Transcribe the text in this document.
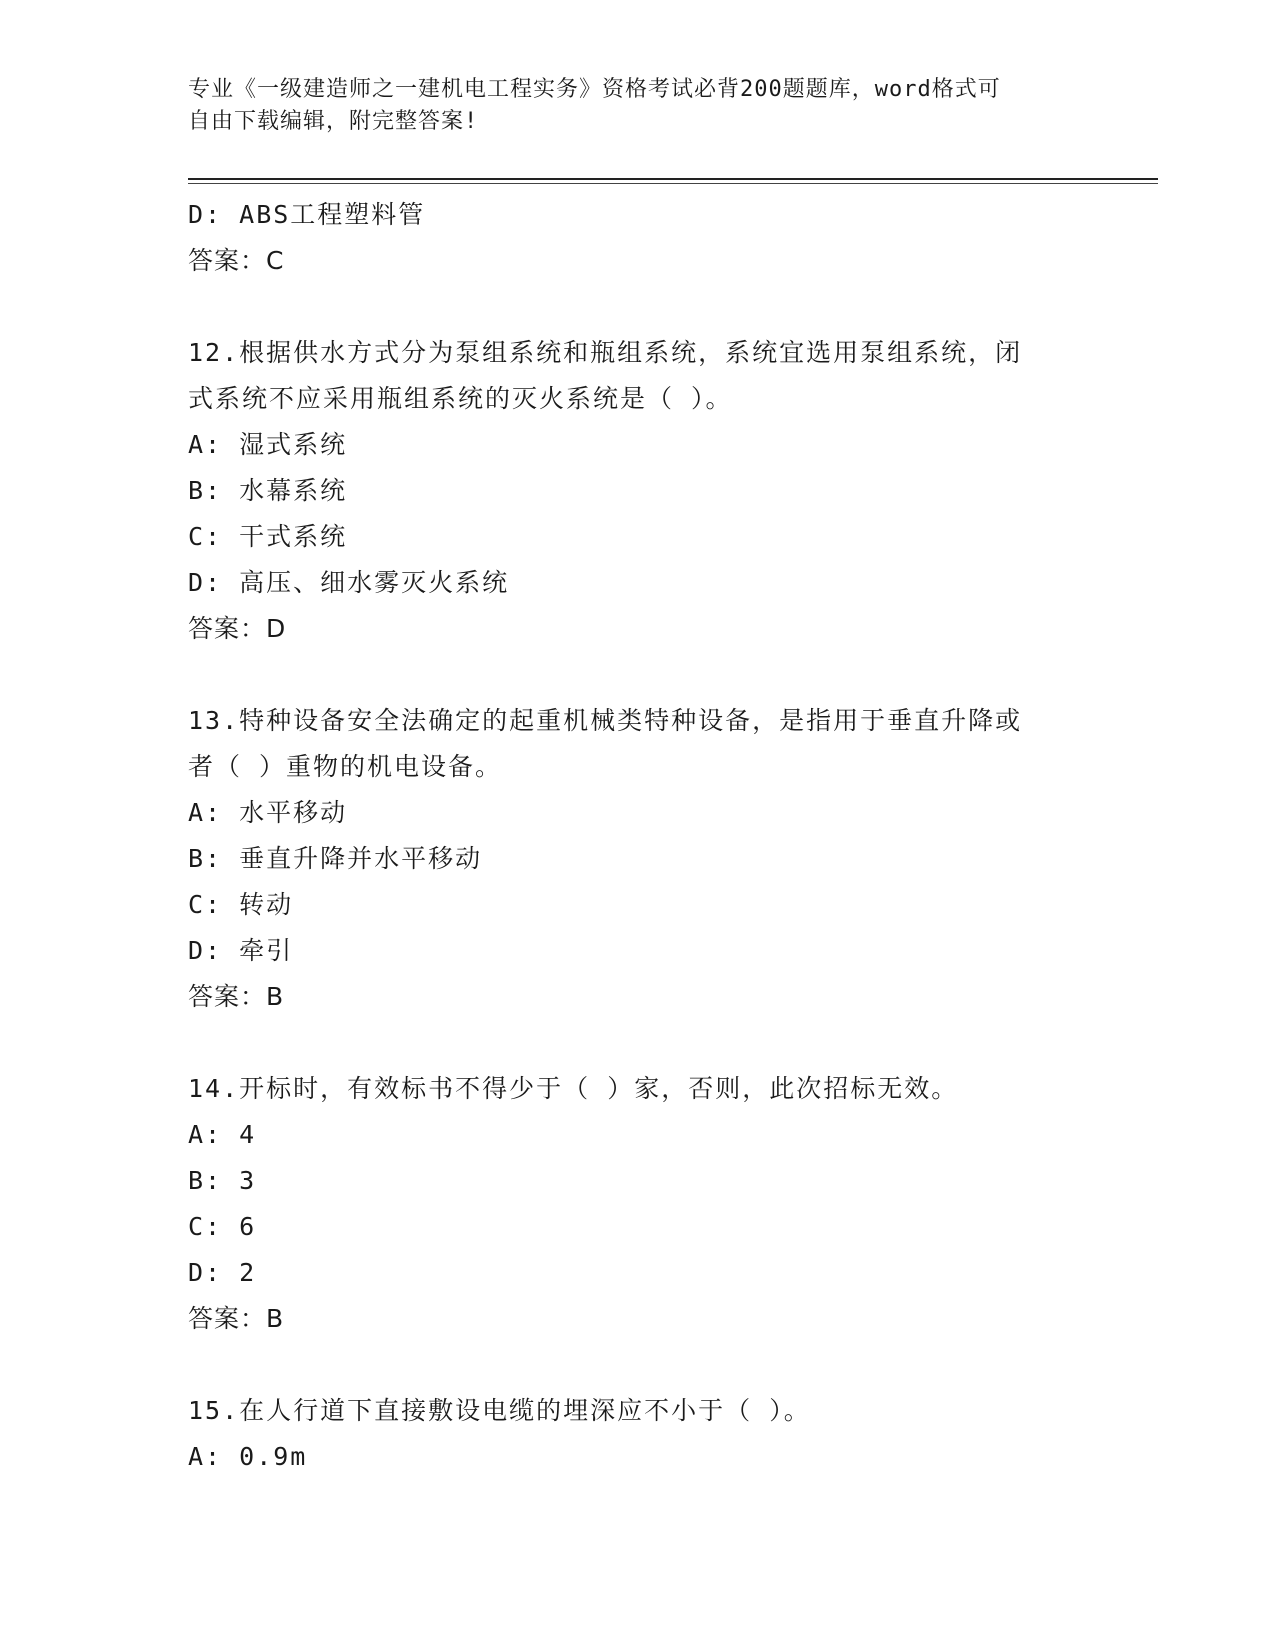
专业《一级建造师之一建机电工程实务》资格考试必背200题题库，word格式可
自由下载编辑，附完整答案!
D: ABS工程塑料管
答案：C
12.根据供水方式分为泵组系统和瓶组系统，系统宜选用泵组系统，闭
式系统不应采用瓶组系统的灭火系统是（ ）。
A: 湿式系统
B: 水幕系统
C: 干式系统
D: 高压、细水雾灭火系统
答案：D
13.特种设备安全法确定的起重机械类特种设备，是指用于垂直升降或
者（ ）重物的机电设备。
A: 水平移动
B: 垂直升降并水平移动
C: 转动
D: 牵引
答案：B
14.开标时，有效标书不得少于（ ）家，否则，此次招标无效。
A: 4
B: 3
C: 6
D: 2
答案：B
15.在人行道下直接敷设电缆的埋深应不小于（ ）。
A: 0.9m
